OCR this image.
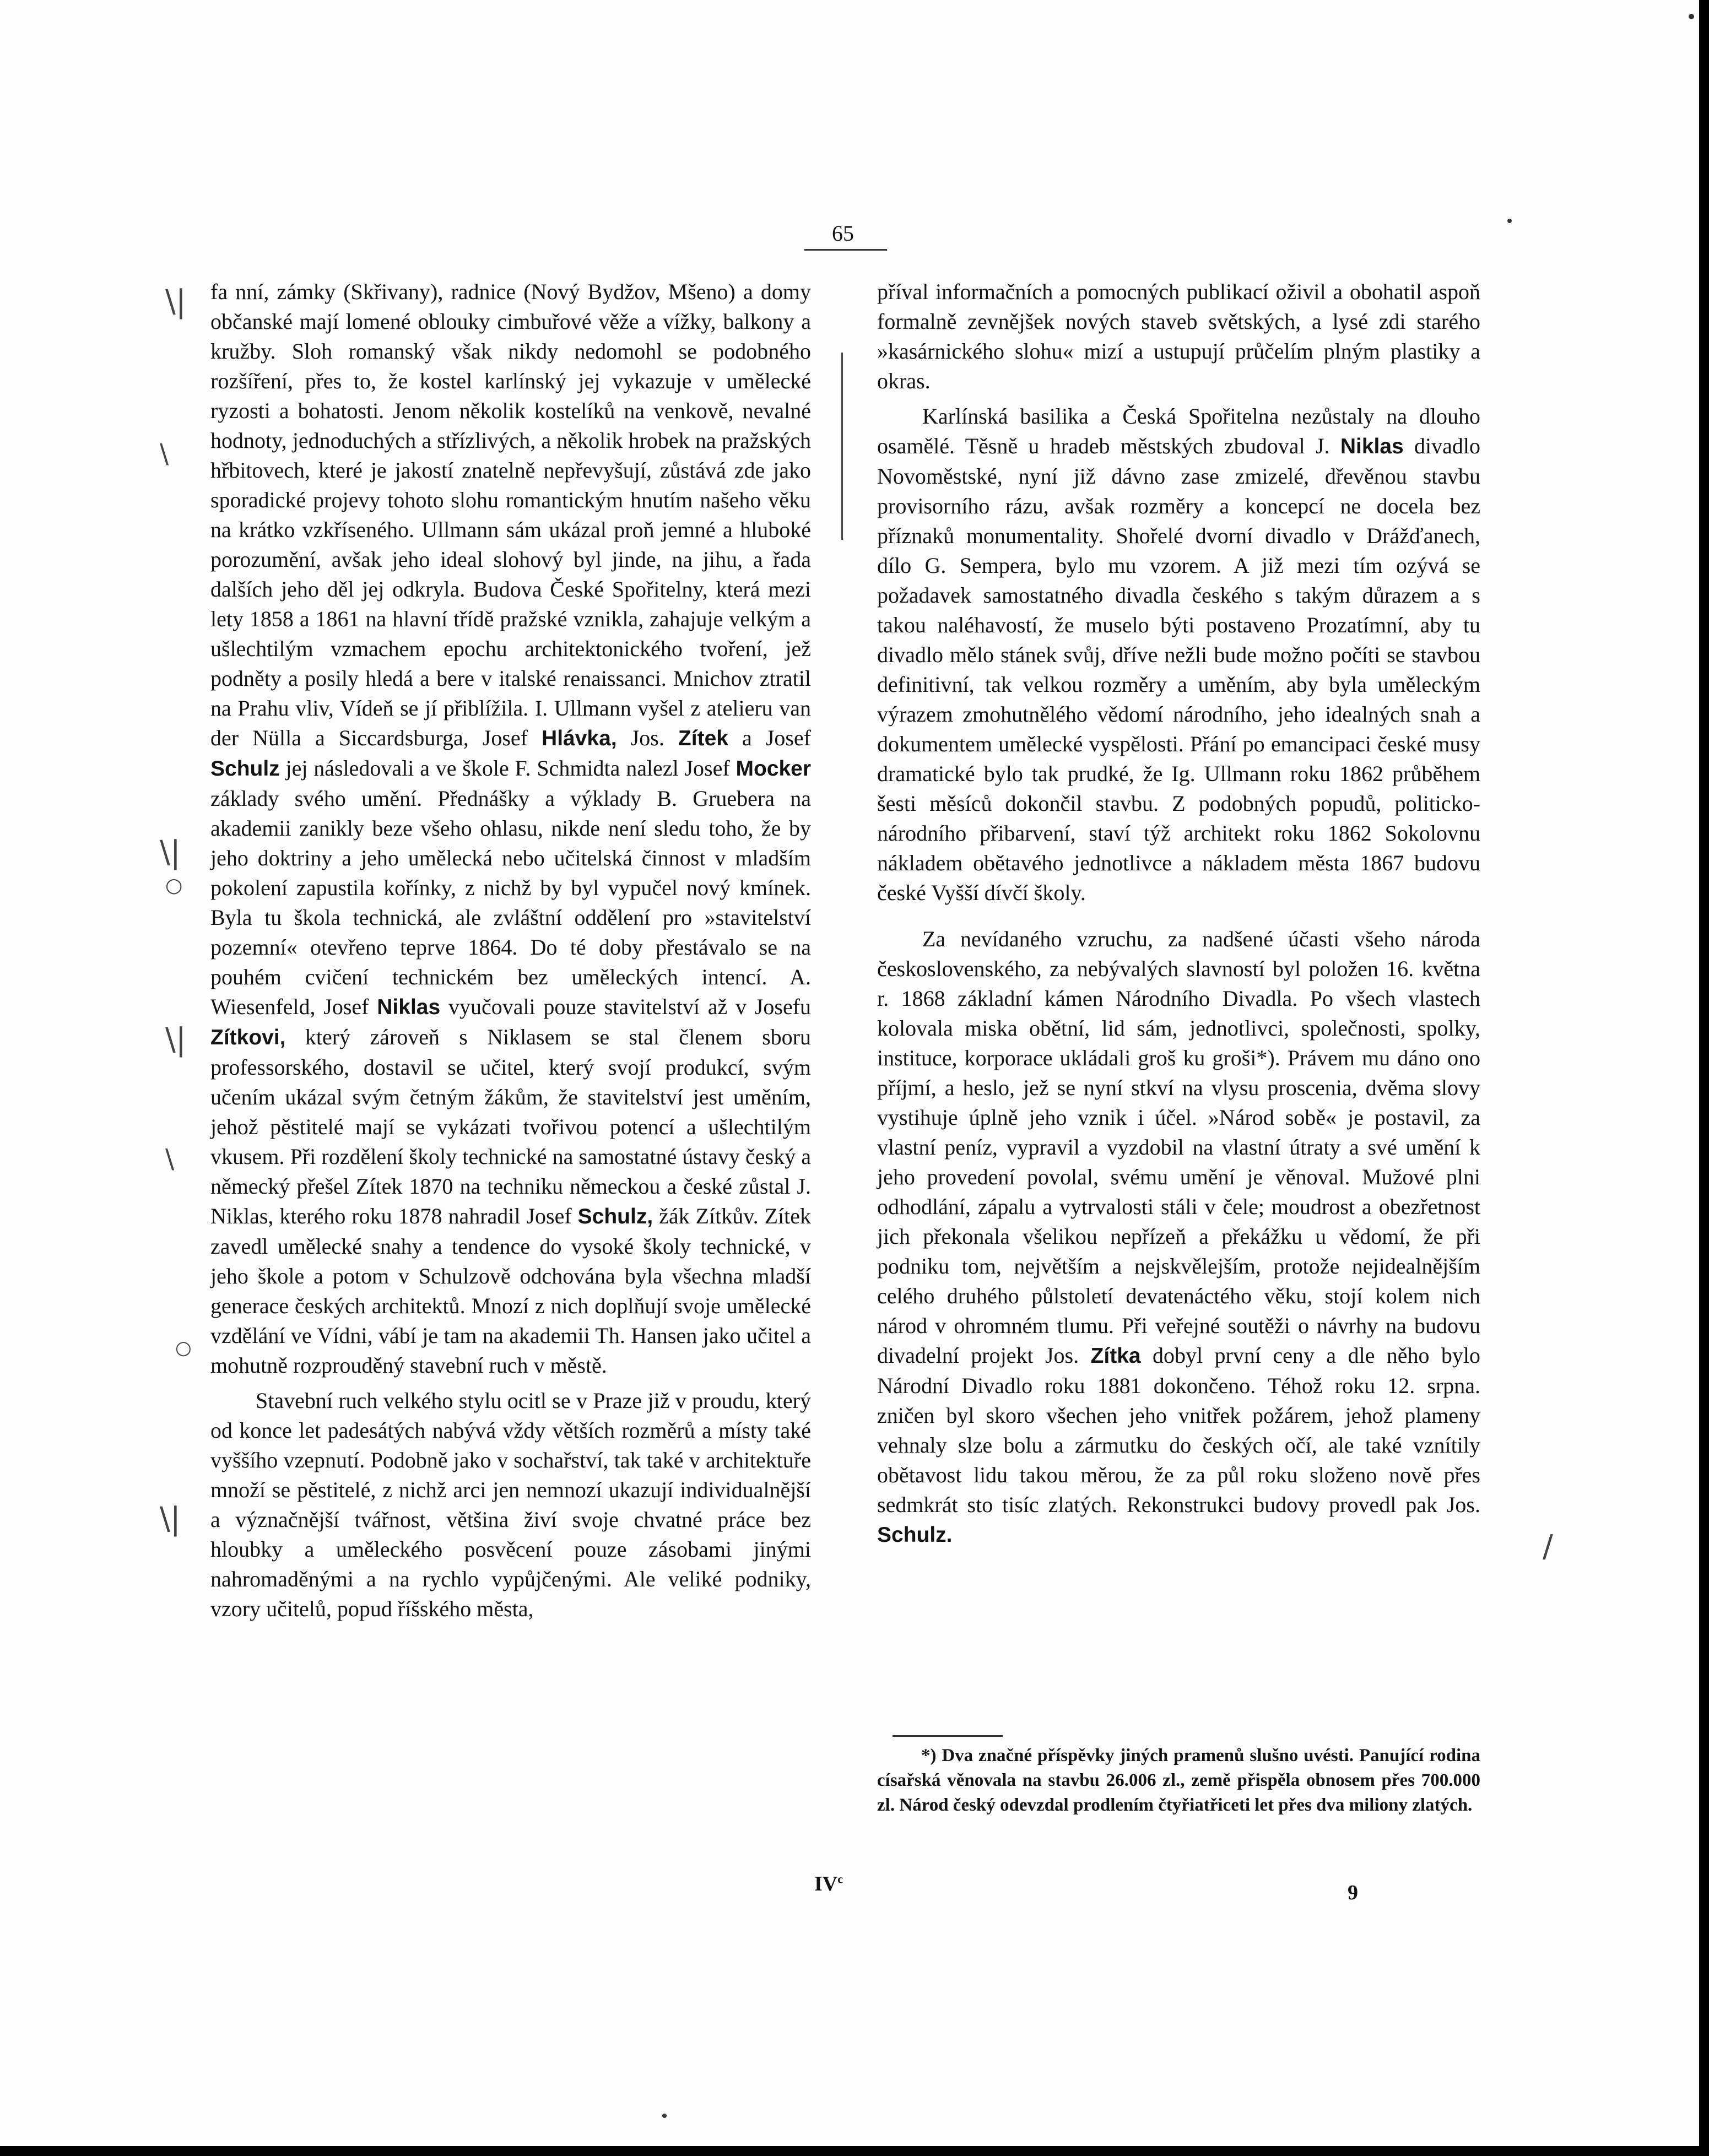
65

fa nní, zámky (Skřivany), radnice (Nový Bydžov, Mšeno) a domy občanské mají lomené oblouky cimbuřové věže a vížky, balkony a kružby. Sloh romanský však nikdy nedomohl se podobného rozšíření, přes to, že kostel karlínský jej vykazuje v umělecké ryzosti a bohatosti. Jenom několik kostelíků na venkově, nevalné hodnoty, jednoduchých a střízlivých, a několik hrobek na pražských hřbitovech, které je jakostí znatelně nepřevyšují, zůstává zde jako sporadické projevy tohoto slohu romantickým hnutím našeho věku na krátko vzkříseného. Ullmann sám ukázal proň jemné a hluboké porozumění, avšak jeho ideal slohový byl jinde, na jihu, a řada dalších jeho děl jej odkryla. Budova České Spořitelny, která mezi lety 1858 a 1861 na hlavní třídě pražské vznikla, zahajuje velkým a ušlechtilým vzmachem epochu architektonického tvoření, jež podněty a posily hledá a bere v italské renaissanci. Mnichov ztratil na Prahu vliv, Vídeň se jí přiblížila. I. Ullmann vyšel z atelieru van der Nülla a Siccardsburga, Josef Hlávka, Jos. Zítek a Josef Schulz jej následovali a ve škole F. Schmidta nalezl Josef Mocker základy svého umění. Přednášky a výklady B. Gruebera na akademii zanikly beze všeho ohlasu, nikde není sledu toho, že by jeho doktriny a jeho umělecká nebo učitelská činnost v mladším pokolení zapustila kořínky, z nichž by byl vypučel nový kmínek. Byla tu škola technická, ale zvláštní oddělení pro »stavitelství pozemní« otevřeno teprve 1864. Do té doby přestávalo se na pouhém cvičení technickém bez uměleckých intencí. A. Wiesenfeld, Josef Niklas vyučovali pouze stavitelství až v Josefu Zítkovi, který zároveň s Niklasem se stal členem sboru professorského, dostavil se učitel, který svojí produkcí, svým učením ukázal svým četným žákům, že stavitelství jest uměním, jehož pěstitelé mají se vykázati tvořivou potencí a ušlechtilým vkusem. Při rozdělení školy technické na samostatné ústavy český a německý přešel Zítek 1870 na techniku německou a české zůstal J. Niklas, kterého roku 1878 nahradil Josef Schulz, žák Zítkův. Zítek zavedl umělecké snahy a tendence do vysoké školy technické, v jeho škole a potom v Schulzově odchována byla všechna mladší generace českých architektů. Mnozí z nich doplňují svoje umělecké vzdělání ve Vídni, vábí je tam na akademii Th. Hansen jako učitel a mohutně rozprouděný stavební ruch v městě.

Stavební ruch velkého stylu ocitl se v Praze již v proudu, který od konce let padesátých nabývá vždy větších rozměrů a místy také vyššího vzepnutí. Podobně jako v sochařství, tak také v architektuře množí se pěstitelé, z nichž arci jen nemnozí ukazují individualnější a význačnější tvářnost, většina živí svoje chvatné práce bez hloubky a uměleckého posvěcení pouze zásobami jinými nahromaděnými a na rychlo vypůjčenými. Ale veliké podniky, vzory učitelů, popud říšského města,

příval informačních a pomocných publikací oživil a obohatil aspoň formalně zevnějšek nových staveb světských, a lysé zdi starého »kasárnického slohu« mizí a ustupují průčelím plným plastiky a okras.

Karlínská basilika a Česká Spořitelna nezůstaly na dlouho osamělé. Těsně u hradeb městských zbudoval J. Niklas divadlo Novoměstské, nyní již dávno zase zmizelé, dřevěnou stavbu provisorního rázu, avšak rozměry a koncepcí ne docela bez příznaků monumentality. Shořelé dvorní divadlo v Drážďanech, dílo G. Sempera, bylo mu vzorem. A již mezi tím ozývá se požadavek samostatného divadla českého s takým důrazem a s takou naléhavostí, že muselo býti postaveno Prozatímní, aby tu divadlo mělo stánek svůj, dříve nežli bude možno počíti se stavbou definitivní, tak velkou rozměry a uměním, aby byla uměleckým výrazem zmohutnělého vědomí národního, jeho idealných snah a dokumentem umělecké vyspělosti. Přání po emancipaci české musy dramatické bylo tak prudké, že Ig. Ullmann roku 1862 průběhem šesti měsíců dokončil stavbu. Z podobných popudů, politicko-národního přibarvení, staví týž architekt roku 1862 Sokolovnu nákladem obětavého jednotlivce a nákladem města 1867 budovu české Vyšší dívčí školy.

Za nevídaného vzruchu, za nadšené účasti všeho národa československého, za nebývalých slavností byl položen 16. května r. 1868 základní kámen Národního Divadla. Po všech vlastech kolovala miska obětní, lid sám, jednotlivci, společnosti, spolky, instituce, korporace ukládali groš ku groši*). Právem mu dáno ono příjmí, a heslo, jež se nyní stkví na vlysu proscenia, dvěma slovy vystihuje úplně jeho vznik i účel. »Národ sobě« je postavil, za vlastní peníz, vypravil a vyzdobil na vlastní útraty a své umění k jeho provedení povolal, svému umění je věnoval. Mužové plni odhodlání, zápalu a vytrvalosti stáli v čele; moudrost a obezřetnost jich překonala všelikou nepřízeň a překážku u vědomí, že při podniku tom, největším a nejskvělejším, protože nejidealnějším celého druhého půlstoletí devatenáctého věku, stojí kolem nich národ v ohromném tlumu. Při veřejné soutěži o návrhy na budovu divadelní projekt Jos. Zítka dobyl první ceny a dle něho bylo Národní Divadlo roku 1881 dokončeno. Téhož roku 12. srpna. zničen byl skoro všechen jeho vnitřek požárem, jehož plameny vehnaly slze bolu a zármutku do českých očí, ale také vznítily obětavost lidu takou měrou, že za půl roku složeno nově přes sedmkrát sto tisíc zlatých. Rekonstrukci budovy provedl pak Jos. Schulz.

*) Dva značné příspěvky jiných pramenů slušno uvésti. Panující rodina císařská věnovala na stavbu 26.006 zl., země přispěla obnosem přes 700.000 zl. Národ český odevzdal prodlením čtyřiatřiceti let přes dva miliony zlatých.
$IV^c$
9
\|
\
\|
○
\|
\
○
\|
∕
